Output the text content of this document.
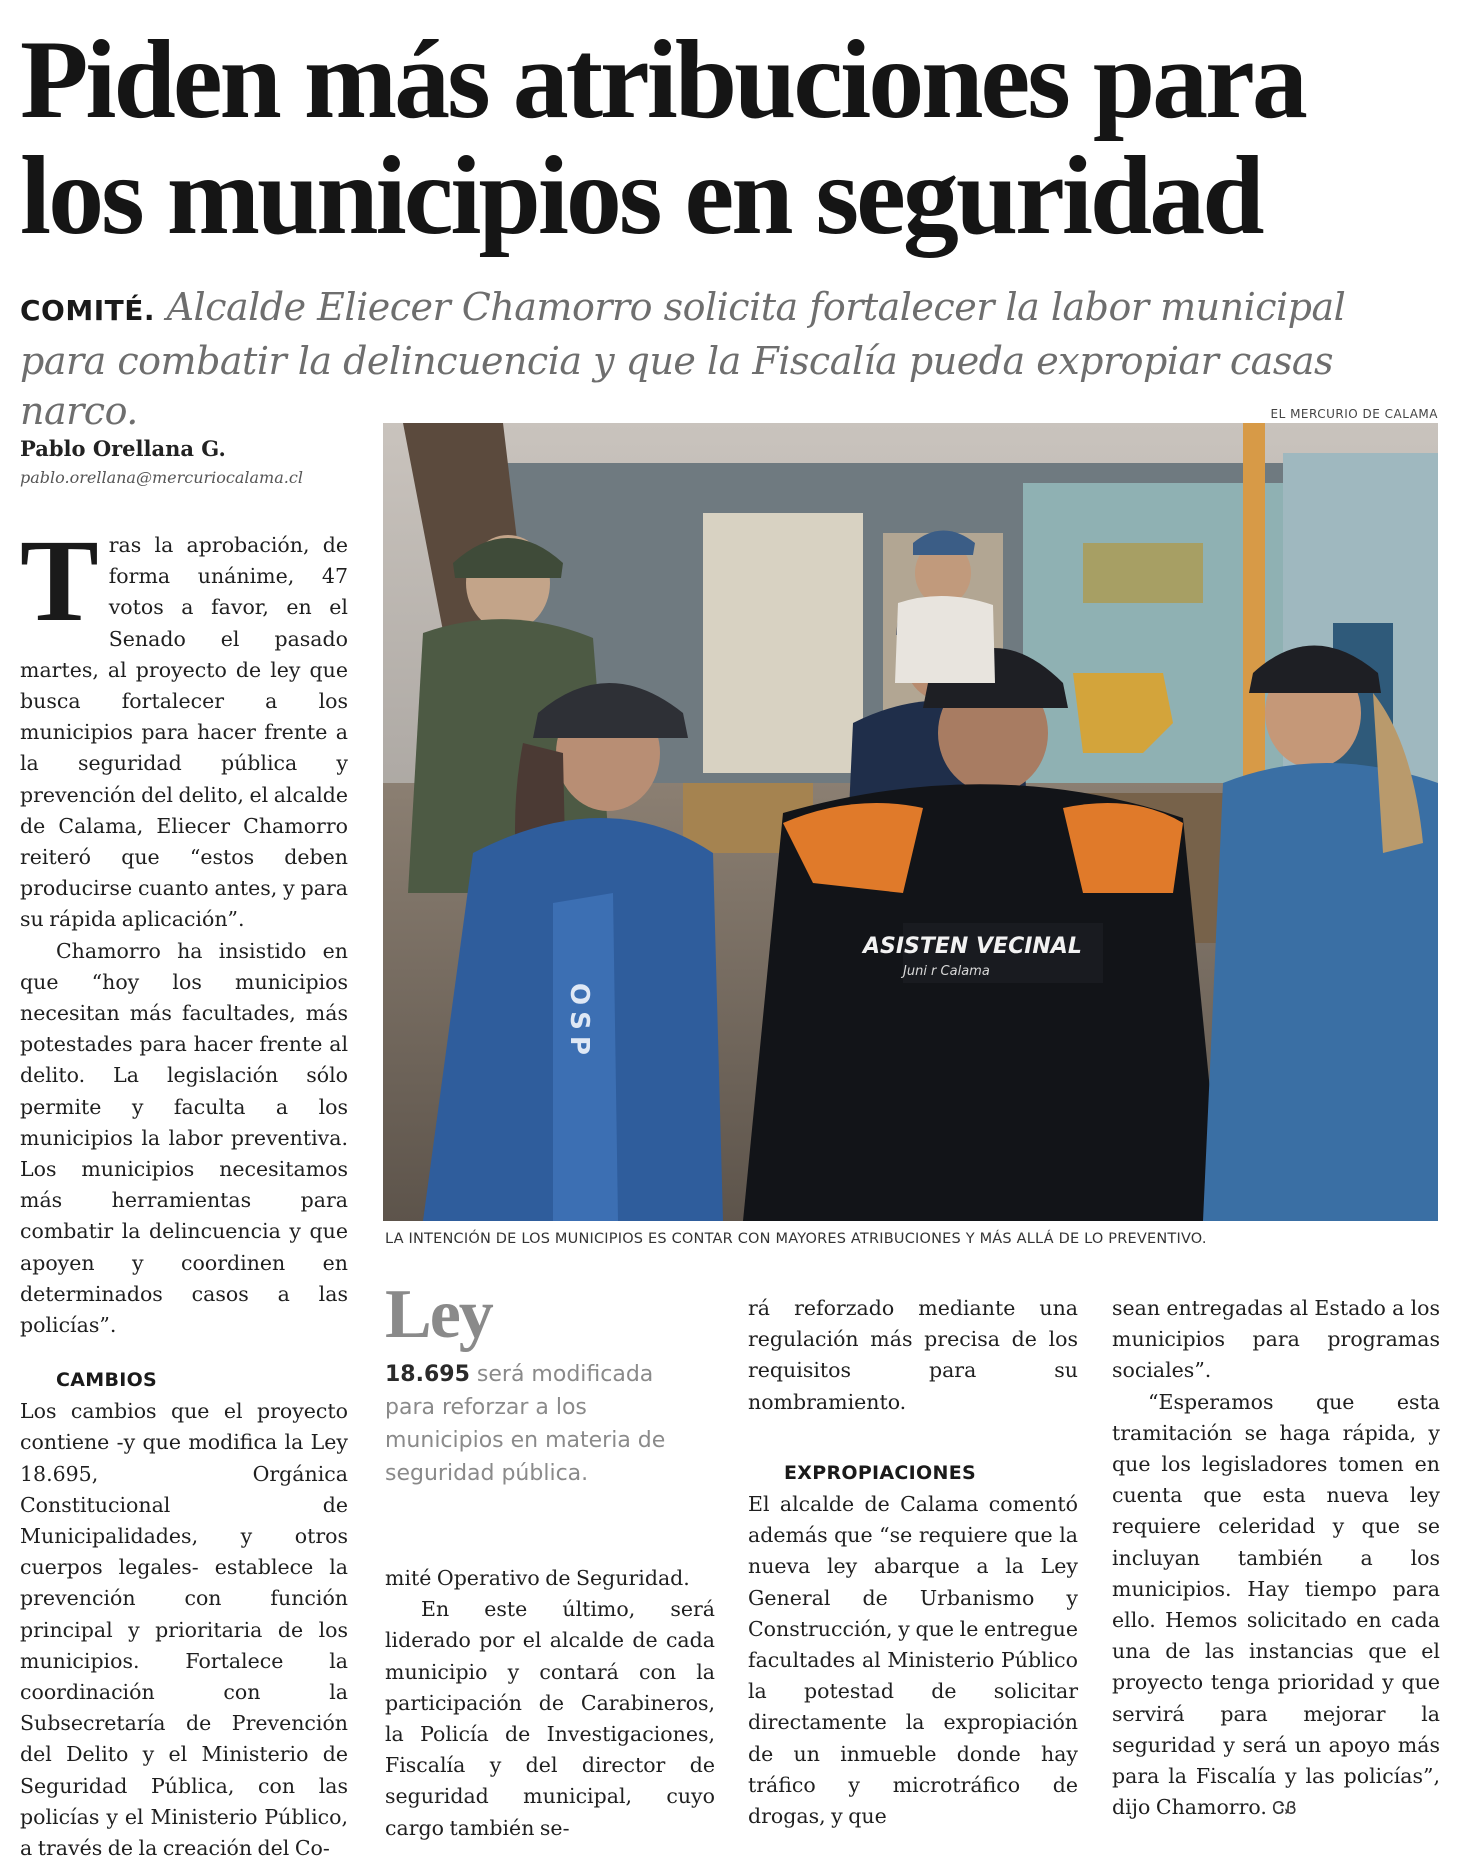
Piden más atribuciones para los municipios en seguridad
COMITÉ. Alcalde Eliecer Chamorro solicita fortalecer la labor municipal para combatir la delincuencia y que la Fiscalía pueda expropiar casas narco.	EL MERCURIO DE CALAMA
Pablo Orellana G.
pablo.orellana@mercuriocalama.cl
T ras la aprobación, de forma unánime, 47 votos a favor, en el Senado el pasado martes, al proyecto de ley que busca fortalecer a los municipios para hacer frente a la seguridad pública y prevención del delito, el alcalde de Calama, Eliecer Chamorro reiteró que “estos deben producirse cuanto antes, y para su rápida aplicación”.

Chamorro ha insistido en que “hoy los municipios necesitan más facultades, más potestades para hacer frente al delito. La legislación sólo permite y faculta a los municipios la labor preventiva. Los municipios necesitamos más herramientas para combatir la delincuencia y que apoyen y coordinen en determinados casos a las policías”.

CAMBIOS

Los cambios que el proyecto contiene -y que modifica la Ley 18.695, Orgánica Constitucional de Municipalidades, y otros cuerpos legales- establece la prevención con función principal y prioritaria de los municipios. Fortalece la coordinación con la Subsecretaría de Prevención del Delito y el Ministerio de Seguridad Pública, con las policías y el Ministerio Público, a través de la creación del Co-

ASISTEN VECINAL
Juni r Calama
OSP
LA INTENCIÓN DE LOS MUNICIPIOS ES CONTAR CON MAYORES ATRIBUCIONES Y MÁS ALLÁ DE LO PREVENTIVO.
Ley
18.695 será modificada para reforzar a los municipios en materia de seguridad pública.

mité Operativo de Seguridad.

En este último, será liderado por el alcalde de cada municipio y contará con la participación de Carabineros, la Policía de Investigaciones, Fiscalía y del director de seguridad municipal, cuyo cargo también se-

rá reforzado mediante una regulación más precisa de los requisitos para su nombramiento.

EXPROPIACIONES

El alcalde de Calama comentó además que “se requiere que la nueva ley abarque a la Ley General de Urbanismo y Construcción, y que le entregue facultades al Ministerio Público la potestad de solicitar directamente la expropiación de un inmueble donde hay tráfico y microtráfico de drogas, y que

sean entregadas al Estado a los municipios para programas sociales”.

“Esperamos que esta tramitación se haga rápida, y que los legisladores tomen en cuenta que esta nueva ley requiere celeridad y que se incluyan también a los municipios. Hay tiempo para ello. Hemos solicitado en cada una de las instancias que el proyecto tenga prioridad y que servirá para mejorar la seguridad y será un apoyo más para la Fiscalía y las policías”, dijo Chamorro. ᏣᏰ
